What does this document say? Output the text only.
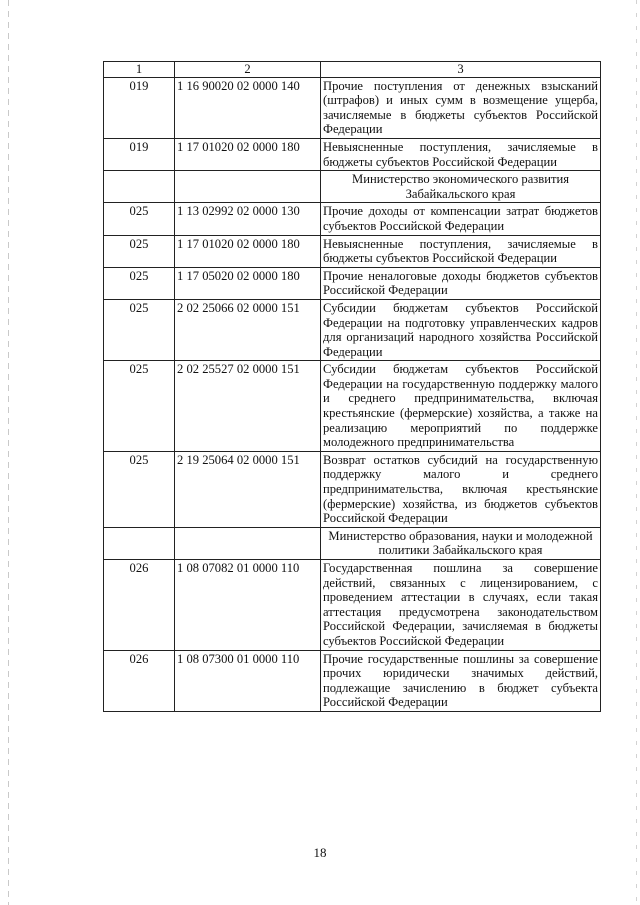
1	2	3
019	1 16 90020 02 0000 140	Прочие поступления от денежных взысканий (штрафов) и иных сумм в возмещение ущерба, зачисляемые в бюджеты субъектов Российской Федерации
019	1 17 01020 02 0000 180	Невыясненные поступления, зачисляемые в бюджеты субъектов Российской Федерации
		Министерство экономического развития Забайкальского края
025	1 13 02992 02 0000 130	Прочие доходы от компенсации затрат бюджетов субъектов Российской Федерации
025	1 17 01020 02 0000 180	Невыясненные поступления, зачисляемые в бюджеты субъектов Российской Федерации
025	1 17 05020 02 0000 180	Прочие неналоговые доходы бюджетов субъектов Российской Федерации
025	2 02 25066 02 0000 151	Субсидии бюджетам субъектов Российской Федерации на подготовку управленческих кадров для организаций народного хозяйства Российской Федерации
025	2 02 25527 02 0000 151	Субсидии бюджетам субъектов Российской Федерации на государственную поддержку малого и среднего предпринимательства, включая крестьянские (фермерские) хозяйства, а также на реализацию мероприятий по поддержке молодежного предпринимательства
025	2 19 25064 02 0000 151	Возврат остатков субсидий на государственную поддержку малого и среднего предпринимательства, включая крестьянские (фермерские) хозяйства, из бюджетов субъектов Российской Федерации
		Министерство образования, науки и молодежной политики Забайкальского края
026	1 08 07082 01 0000 110	Государственная пошлина за совершение действий, связанных с лицензированием, с проведением аттестации в случаях, если такая аттестация предусмотрена законодательством Российской Федерации, зачисляемая в бюджеты субъектов Российской Федерации
026	1 08 07300 01 0000 110	Прочие государственные пошлины за совершение прочих юридически значимых действий, подлежащие зачислению в бюджет субъекта Российской Федерации
18
